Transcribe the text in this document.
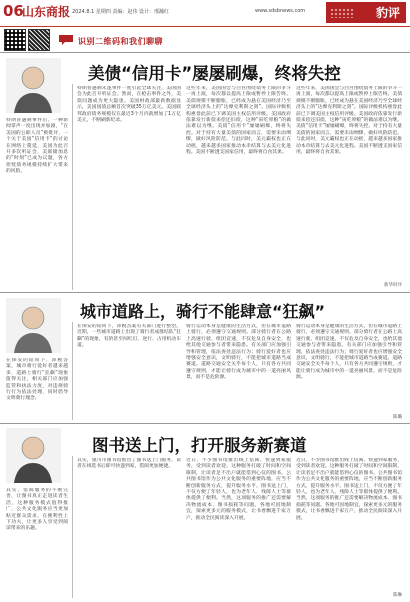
06
山东商报 2024.8.1 星期四 责编：赵伟 设计：邢瀚红	www.sdsbnews.com	豹评
识别二维码和我们聊聊
美债“信用卡”屡屡刷爆，终将失控
特朗普遇刺事件后，一种新闻掌声一度出现并加剧，“在美国的公职人员”被批评，一个关于美国“信用卡”的讨论在网络上蔓延，美国为此召开多次听证会，美联储加息的“时刻”已成为议题，各方担忧债务规模持续扩大带来的风险。
特朗普遇刺未遂事件一度引起全球关注，美国国会为此召开听证会。然而，在枪击事件之外，美债问题成为更大隐患。美国财政部最新数据显示，美国国债总额首次突破35万亿美元。美国联邦政府债务规模仅在最近3个月内就增加了1万亿美元，不断刷新纪录。
这些年来，美国国会与白宫围绕债务上限的争斗一再上演，每次都以提高上限或暂停上限告终。美债规模不断膨胀，已经成为悬在美国经济乃至全球经济头上的“达摩克利斯之剑”。国际评级机构惠誉此前已下调美国主权信用评级。美国政府依靠发行新债来偿还旧债，这种“寅吃卯粮”的做法难以为继。美债“信用卡”屡屡刷爆，终将失控。对于持有大量美债的国家而言，需要未雨绸缪，做好风险防范。与此同时，美元霸权也正在动摇，越来越多国家推动本币结算与去美元化进程。美国不断透支国家信用，最终将自食其果。
这些年来，美国国会与白宫围绕债务上限的争斗一再上演，每次都以提高上限或暂停上限告终。美债规模不断膨胀，已经成为悬在美国经济乃至全球经济头上的“达摩克利斯之剑”。国际评级机构惠誉此前已下调美国主权信用评级。美国政府依靠发行新债来偿还旧债，这种“寅吃卯粮”的做法难以为继。美债“信用卡”屡屡刷爆，终将失控。对于持有大量美债的国家而言，需要未雨绸缪，做好风险防范。与此同时，美元霸权也正在动摇，越来越多国家推动本币结算与去美元化进程。美国不断透支国家信用，最终将自食其果。
新华时评
城市道路上，骑行不能肆意“狂飙”
在保安的陪同下，沛税答案，城市骑行爱好者越来越多，道路上骑行“狂飙”现象值得关注，相关部门应加强监管和执法力度，对违规骑行行为依法处理，同时倡导文明骑行理念。
在保安的陪同下，沛税答案有关部门进行整治。近期，一些城市道路上出现了骑行者成群结队“狂飙”的现象，有的甚至闯红灯、逆行、占用机动车道。
骑行运动本身是健康的生活方式，但在城市道路上骑行，必须遵守交通规则。部分骑行者在公路上高速行驶、组团竞速，不仅危及自身安全，也给其他交通参与者带来隐患。有关部门应加强引导和管理，依法查处违法行为；骑行爱好者也应增强安全意识，文明骑行，不能把城市道路当成赛道。道路交通安全关乎每个人，只有各方共同遵守规则，才能让骑行成为城市中的一道亮丽风景，而不是危险源。
骑行运动本身是健康的生活方式，但在城市道路上骑行，必须遵守交通规则。部分骑行者在公路上高速行驶、组团竞速，不仅危及自身安全，也给其他交通参与者带来隐患。有关部门应加强引导和管理，依法查处违法行为；骑行爱好者也应增强安全意识，文明骑行，不能把城市道路当成赛道。道路交通安全关乎每个人，只有各方共同遵守规则，才能让骑行成为城市中的一道亮丽风景，而不是危险源。
陈璐
图书送上门，打开服务新赛道
其实，借阅服务的不断完善，让图书真正走进读者生活，这种服务模式值得推广，公共文化服务应当更加贴近群众需求，在便利性上下功夫，让更多人享受到阅读带来的乐趣。
其实，银川市图书馆推出了图书送上门服务，读者在线选书后即可快递到家，借阅更加便捷。
近日，不少图书馆推出线上借阅、快递到家服务，受到读者欢迎。这种服务打破了时间和空间限制，让读者足不出户就能借到心仪的图书。公共图书馆作为公共文化服务的重要阵地，应当不断创新服务方式，提升服务水平。图书送上门，不仅方便了年轻人，也为老年人、残障人士等群体提供了便利。当然，这项服务的推广还需要解决物流成本、图书损耗等问题。各地可因地制宜，探索更多元的服务模式，让书香飘进千家万户，推动全民阅读深入开展。
近日，不少图书馆推出线上借阅、快递到家服务，受到读者欢迎。这种服务打破了时间和空间限制，让读者足不出户就能借到心仪的图书。公共图书馆作为公共文化服务的重要阵地，应当不断创新服务方式，提升服务水平。图书送上门，不仅方便了年轻人，也为老年人、残障人士等群体提供了便利。当然，这项服务的推广还需要解决物流成本、图书损耗等问题。各地可因地制宜，探索更多元的服务模式，让书香飘进千家万户，推动全民阅读深入开展。
陈琳
